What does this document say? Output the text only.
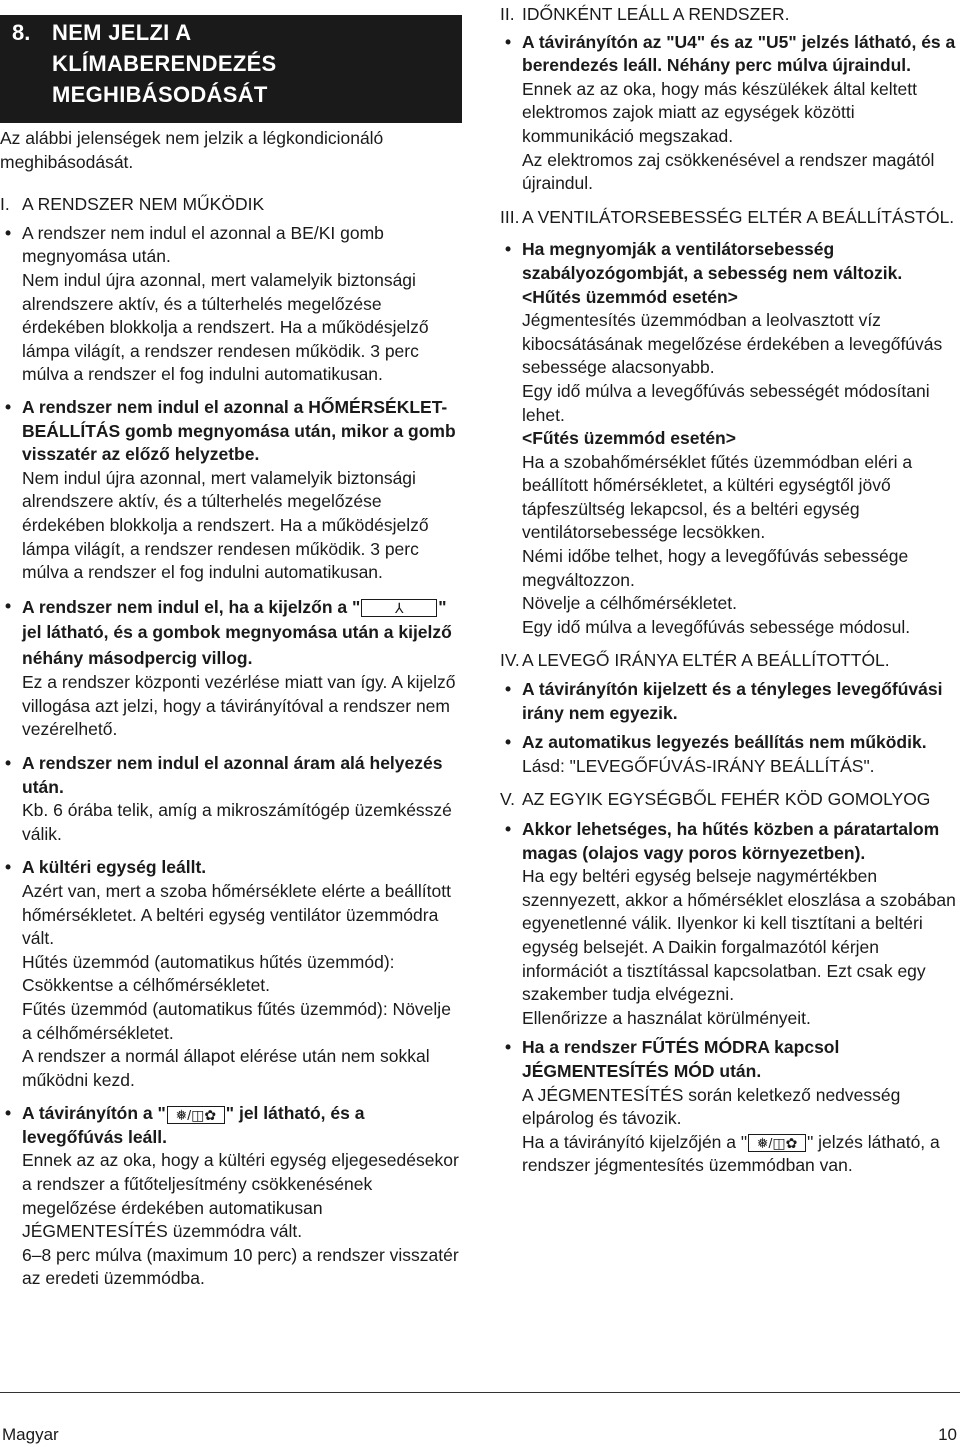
8. NEM JELZI A
KLÍMABERENDEZÉS
MEGHIBÁSODÁSÁT

Az alábbi jelenségek nem jelzik a légkondicionáló meghibásodását.

I. A RENDSZER NEM MŰKÖDIK
• A rendszer nem indul el azonnal a BE/KI gomb megnyomása után.

Nem indul újra azonnal, mert valamelyik biztonsági alrendszere aktív, és a túlterhelés megelőzése érdekében blokkolja a rendszert. Ha a működésjelző lámpa világít, a rendszer rendesen működik. 3 perc múlva a rendszer el fog indulni automatikusan.

• A rendszer nem indul el azonnal a HŐMÉRSÉKLET-BEÁLLÍTÁS gomb megnyomása után, mikor a gomb visszatér az előző helyzetbe.

Nem indul újra azonnal, mert valamelyik biztonsági alrendszere aktív, és a túlterhelés megelőzése érdekében blokkolja a rendszert. Ha a működésjelző lámpa világít, a rendszer rendesen működik. 3 perc múlva a rendszer el fog indulni automatikusan.

• A rendszer nem indul el, ha a kijelzőn a " ⅄ " jel látható, és a gombok megnyomása után a kijelző néhány másodpercig villog.

Ez a rendszer központi vezérlése miatt van így. A kijelző villogása azt jelzi, hogy a távirányítóval a rendszer nem vezérelhető.

• A rendszer nem indul el azonnal áram alá helyezés után.

Kb. 6 órába telik, amíg a mikroszámítógép üzemkésszé válik.

• A kültéri egység leállt.

Azért van, mert a szoba hőmérséklete elérte a beállított hőmérsékletet. A beltéri egység ventilátor üzemmódra vált.

Hűtés üzemmód (automatikus hűtés üzemmód): Csökkentse a célhőmérsékletet.

Fűtés üzemmód (automatikus fűtés üzemmód): Növelje a célhőmérsékletet.

A rendszer a normál állapot elérése után nem sokkal működni kezd.

• A távirányítón a " ❅/◫✿ " jel látható, és a levegőfúvás leáll.

Ennek az az oka, hogy a kültéri egység eljegesedésekor a rendszer a fűtőteljesítmény csökkenésének megelőzése érdekében automatikusan JÉGMENTESÍTÉS üzemmódra vált.

6–8 perc múlva (maximum 10 perc) a rendszer visszatér az eredeti üzemmódba.

II. IDŐNKÉNT LEÁLL A RENDSZER.
• A távirányítón az "U4" és az "U5" jelzés látható, és a berendezés leáll. Néhány perc múlva újraindul.

Ennek az az oka, hogy más készülékek által keltett elektromos zajok miatt az egységek közötti kommunikáció megszakad.

Az elektromos zaj csökkenésével a rendszer magától újraindul.

III. A VENTILÁTORSEBESSÉG ELTÉR A BEÁLLÍTÁSTÓL.
• Ha megnyomják a ventilátorsebesség szabályozógombját, a sebesség nem változik.

<Hűtés üzemmód esetén>

Jégmentesítés üzemmódban a leolvasztott víz kibocsátásának megelőzése érdekében a levegőfúvás sebessége alacsonyabb.

Egy idő múlva a levegőfúvás sebességét módosítani lehet.

<Fűtés üzemmód esetén>

Ha a szobahőmérséklet fűtés üzemmódban eléri a beállított hőmérsékletet, a kültéri egységtől jövő tápfeszültség lekapcsol, és a beltéri egység ventilátorsebessége lecsökken.

Némi időbe telhet, hogy a levegőfúvás sebessége megváltozzon.

Növelje a célhőmérsékletet.

Egy idő múlva a levegőfúvás sebessége módosul.

IV. A LEVEGŐ IRÁNYA ELTÉR A BEÁLLÍTOTTÓL.
• A távirányítón kijelzett és a tényleges levegőfúvási irány nem egyezik.

• Az automatikus legyezés beállítás nem működik.

Lásd: "LEVEGŐFÚVÁS-IRÁNY BEÁLLÍTÁS".

V. AZ EGYIK EGYSÉGBŐL FEHÉR KÖD GOMOLYOG
• Akkor lehetséges, ha hűtés közben a páratartalom magas (olajos vagy poros környezetben).

Ha egy beltéri egység belseje nagymértékben szennyezett, akkor a hőmérséklet eloszlása a szobában egyenetlenné válik. Ilyenkor ki kell tisztítani a beltéri egység belsejét. A Daikin forgalmazótól kérjen információt a tisztítással kapcsolatban. Ezt csak egy szakember tudja elvégezni.

Ellenőrizze a használat körülményeit.

• Ha a rendszer FŰTÉS MÓDRA kapcsol JÉGMENTESÍTÉS MÓD után.

A JÉGMENTESÍTÉS során keletkező nedvesség elpárolog és távozik.

Ha a távirányító kijelzőjén a " ❅/◫✿ " jelzés látható, a rendszer jégmentesítés üzemmódban van.

Magyar	10
